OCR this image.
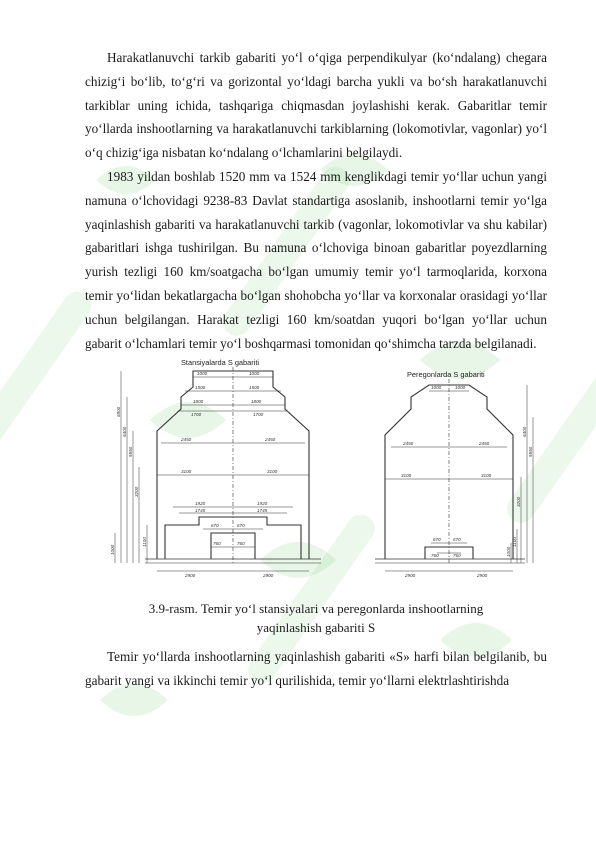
Harakatlanuvchi tarkib gabariti yo‘l o‘qiga perpendikulyar (ko‘ndalang) chegara chizig‘i bo‘lib, to‘g‘ri va gorizontal yo‘ldagi barcha yukli va bo‘sh harakatlanuvchi tarkiblar uning ichida, tashqariga chiqmasdan joylashishi kerak. Gabaritlar temir yo‘llarda inshootlarning va harakatlanuvchi tarkiblarning (lokomotivlar, vagonlar) yo‘l o‘q chizig‘iga nisbatan ko‘ndalang o‘lchamlarini belgilaydi.

1983 yildan boshlab 1520 mm va 1524 mm kenglikdagi temir yo‘llar uchun yangi namuna o‘lchovidagi 9238-83 Davlat standartiga asoslanib, inshootlarni temir yo‘lga yaqinlashish gabariti va harakatlanuvchi tarkib (vagonlar, lokomotivlar va shu kabilar) gabaritlari ishga tushirilgan. Bu namuna o‘lchoviga binoan gabaritlar poyezdlarning yurish tezligi 160 km/soatgacha bo‘lgan umumiy temir yo‘l tarmoqlarida, korxona temir yo‘lidan bekatlargacha bo‘lgan shohobcha yo‘llar va korxonalar orasidagi yo‘llar uchun belgilangan. Harakat tezligi 160 km/soatdan yuqori bo‘lgan yo‘llar uchun gabarit o‘lchamlari temir yo‘l boshqarmasi tomonidan qo‘shimcha tarzda belgilanadi.

Stansiyalarda S gabariti
Peregonlarda S gabariti
1000	1000
1500	1500
1800	1800
1700	1700
2450	2450
3100	3100
1920	1920
1745	1745
670	670
760	760
2900	2900
6900
6400
5550
3200
1100
1000
1000	1000
2450	2450
3100	3100
670	670
760	760
2900	2900
6400
5550
3200
1100
1000
3.9-rasm. Temir yo‘l stansiyalari va peregonlarda inshootlarning
yaqinlashish gabariti S

Temir yo‘llarda inshootlarning yaqinlashish gabariti «S» harfi bilan belgilanib, bu gabarit yangi va ikkinchi temir yo‘l qurilishida, temir yo‘llarni elektrlashtirishda
